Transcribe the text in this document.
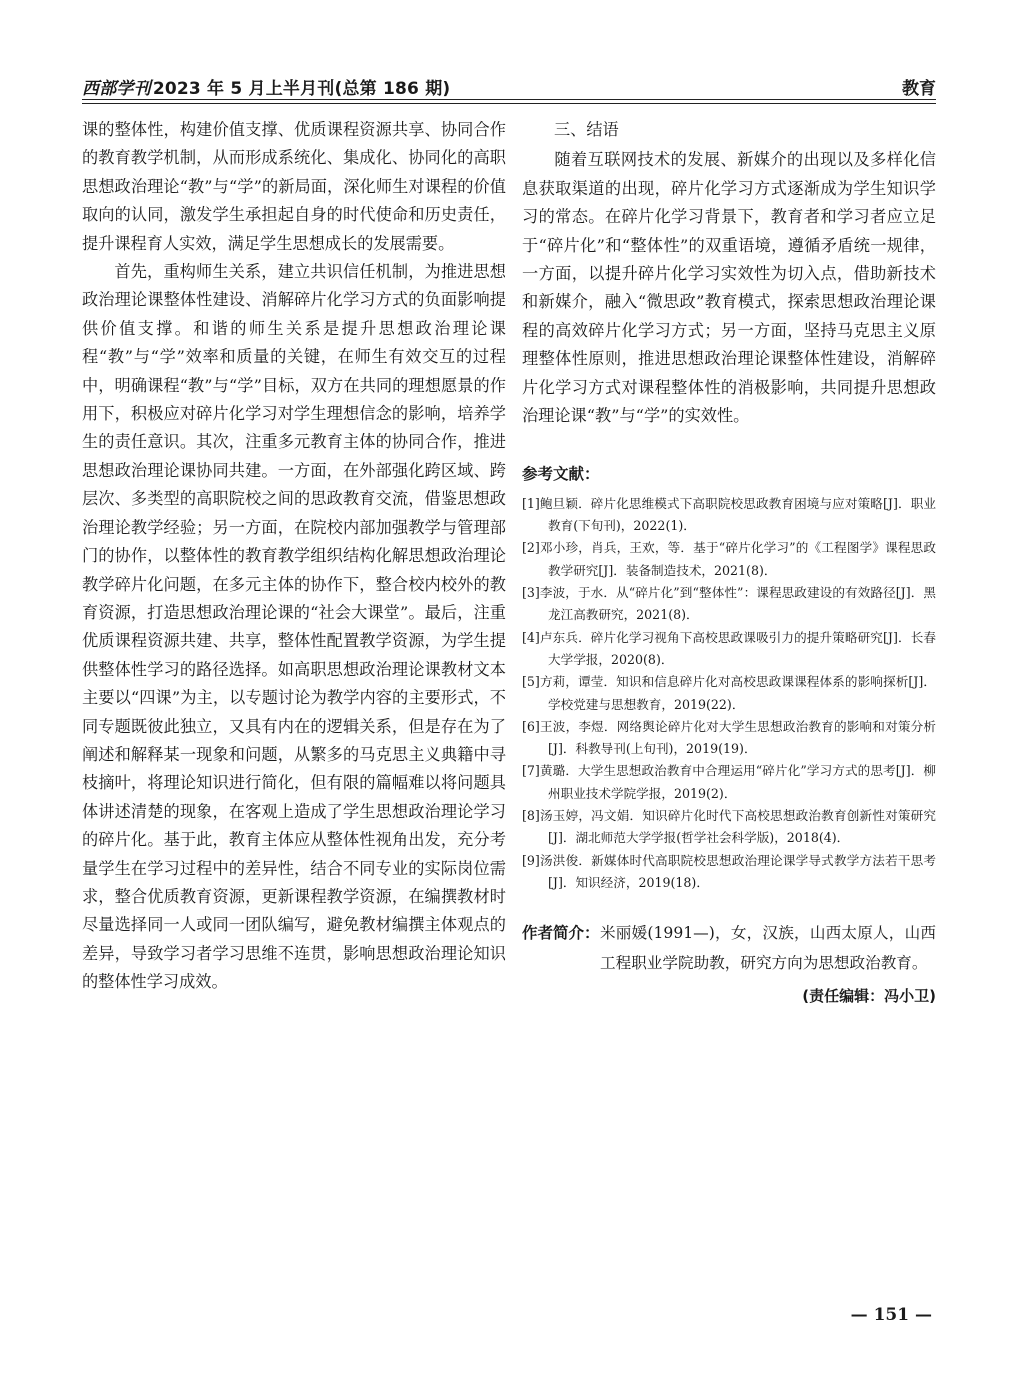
西部学刊 2023 年 5 月上半月刊(总第 186 期)	教育

课的整体性，构建价值支撑、优质课程资源共享、协同合作的教育教学机制，从而形成系统化、集成化、协同化的高职思想政治理论“教”与“学”的新局面，深化师生对课程的价值取向的认同，激发学生承担起自身的时代使命和历史责任，提升课程育人实效，满足学生思想成长的发展需要。

首先，重构师生关系，建立共识信任机制，为推进思想政治理论课整体性建设、消解碎片化学习方式的负面影响提供价值支撑。和谐的师生关系是提升思想政治理论课程“教”与“学”效率和质量的关键，在师生有效交互的过程中，明确课程“教”与“学”目标，双方在共同的理想愿景的作用下，积极应对碎片化学习对学生理想信念的影响，培养学生的责任意识。其次，注重多元教育主体的协同合作，推进思想政治理论课协同共建。一方面，在外部强化跨区域、跨层次、多类型的高职院校之间的思政教育交流，借鉴思想政治理论教学经验；另一方面，在院校内部加强教学与管理部门的协作，以整体性的教育教学组织结构化解思想政治理论教学碎片化问题，在多元主体的协作下，整合校内校外的教育资源，打造思想政治理论课的“社会大课堂”。最后，注重优质课程资源共建、共享，整体性配置教学资源，为学生提供整体性学习的路径选择。如高职思想政治理论课教材文本主要以“四课”为主，以专题讨论为教学内容的主要形式，不同专题既彼此独立，又具有内在的逻辑关系，但是存在为了阐述和解释某一现象和问题，从繁多的马克思主义典籍中寻枝摘叶，将理论知识进行简化，但有限的篇幅难以将问题具体讲述清楚的现象，在客观上造成了学生思想政治理论学习的碎片化。基于此，教育主体应从整体性视角出发，充分考量学生在学习过程中的差异性，结合不同专业的实际岗位需求，整合优质教育资源，更新课程教学资源，在编撰教材时尽量选择同一人或同一团队编写，避免教材编撰主体观点的差异，导致学习者学习思维不连贯，影响思想政治理论知识的整体性学习成效。

三、结语

随着互联网技术的发展、新媒介的出现以及多样化信息获取渠道的出现，碎片化学习方式逐渐成为学生知识学习的常态。在碎片化学习背景下，教育者和学习者应立足于“碎片化”和“整体性”的双重语境，遵循矛盾统一规律，一方面，以提升碎片化学习实效性为切入点，借助新技术和新媒介，融入“微思政”教育模式，探索思想政治理论课程的高效碎片化学习方式；另一方面，坚持马克思主义原理整体性原则，推进思想政治理论课整体性建设，消解碎片化学习方式对课程整体性的消极影响，共同提升思想政治理论课“教”与“学”的实效性。

参考文献：
[1]鲍旦颖．碎片化思维模式下高职院校思政教育困境与应对策略[J]．职业教育(下旬刊)，2022(1)．
[2]邓小珍，肖兵，王欢，等．基于“碎片化学习”的《工程图学》课程思政教学研究[J]．装备制造技术，2021(8)．
[3]李波，于水．从“碎片化”到“整体性”：课程思政建设的有效路径[J]．黑龙江高教研究，2021(8)．
[4]卢东兵．碎片化学习视角下高校思政课吸引力的提升策略研究[J]．长春大学学报，2020(8)．
[5]方莉，谭莹．知识和信息碎片化对高校思政课课程体系的影响探析[J]．学校党建与思想教育，2019(22)．
[6]王波，李煜．网络舆论碎片化对大学生思想政治教育的影响和对策分析[J]．科教导刊(上旬刊)，2019(19)．
[7]黄璐．大学生思想政治教育中合理运用“碎片化”学习方式的思考[J]．柳州职业技术学院学报，2019(2)．
[8]汤玉婷，冯文娟．知识碎片化时代下高校思想政治教育创新性对策研究[J]．湖北师范大学学报(哲学社会科学版)，2018(4)．
[9]汤洪俊．新媒体时代高职院校思想政治理论课学导式教学方法若干思考[J]．知识经济，2019(18)．
作者简介： 米丽媛(1991—)，女，汉族，山西太原人，山西工程职业学院助教，研究方向为思想政治教育。
(责任编辑：冯小卫)
— 151 —
